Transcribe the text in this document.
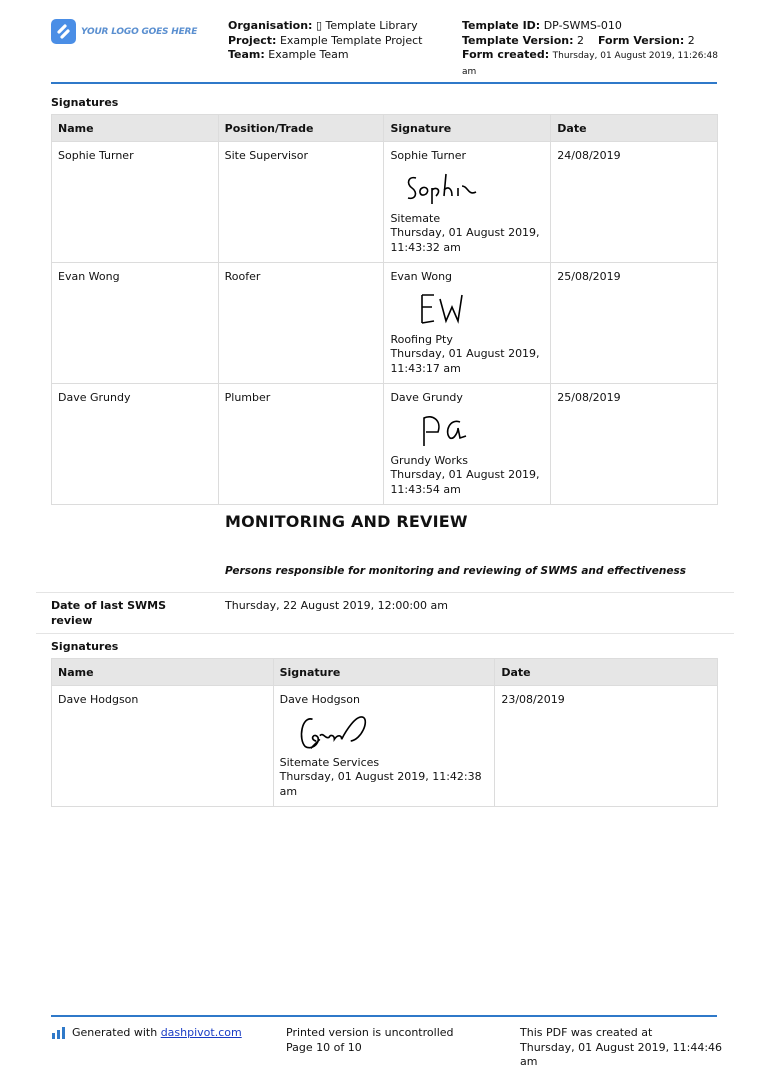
YOUR LOGO GOES HERE	Organisation: ▯ Template Library
Project: Example Template Project
Team: Example Team
Template ID: DP-SWMS-010
Template Version: 2 Form Version: 2
Form created: Thursday, 01 August 2019, 11:26:48 am
Signatures
Name	Position/Trade	Signature	Date
Sophie Turner	Site Supervisor	Sophie Turner
Sitemate
Thursday, 01 August 2019,
11:43:32 am	24/08/2019
Evan Wong	Roofer	Evan Wong
Roofing Pty
Thursday, 01 August 2019,
11:43:17 am	25/08/2019
Dave Grundy	Plumber	Dave Grundy
Grundy Works
Thursday, 01 August 2019,
11:43:54 am	25/08/2019
MONITORING AND REVIEW
Persons responsible for monitoring and reviewing of SWMS and effectiveness
Date of last SWMS review
Thursday, 22 August 2019, 12:00:00 am
Signatures
Name	Signature	Date
Dave Hodgson	Dave Hodgson
Sitemate Services
Thursday, 01 August 2019, 11:42:38 am	23/08/2019
Generated with
dashpivot.com	Printed version is uncontrolled
Page 10 of 10
This PDF was created at
Thursday, 01 August 2019, 11:44:46
am
